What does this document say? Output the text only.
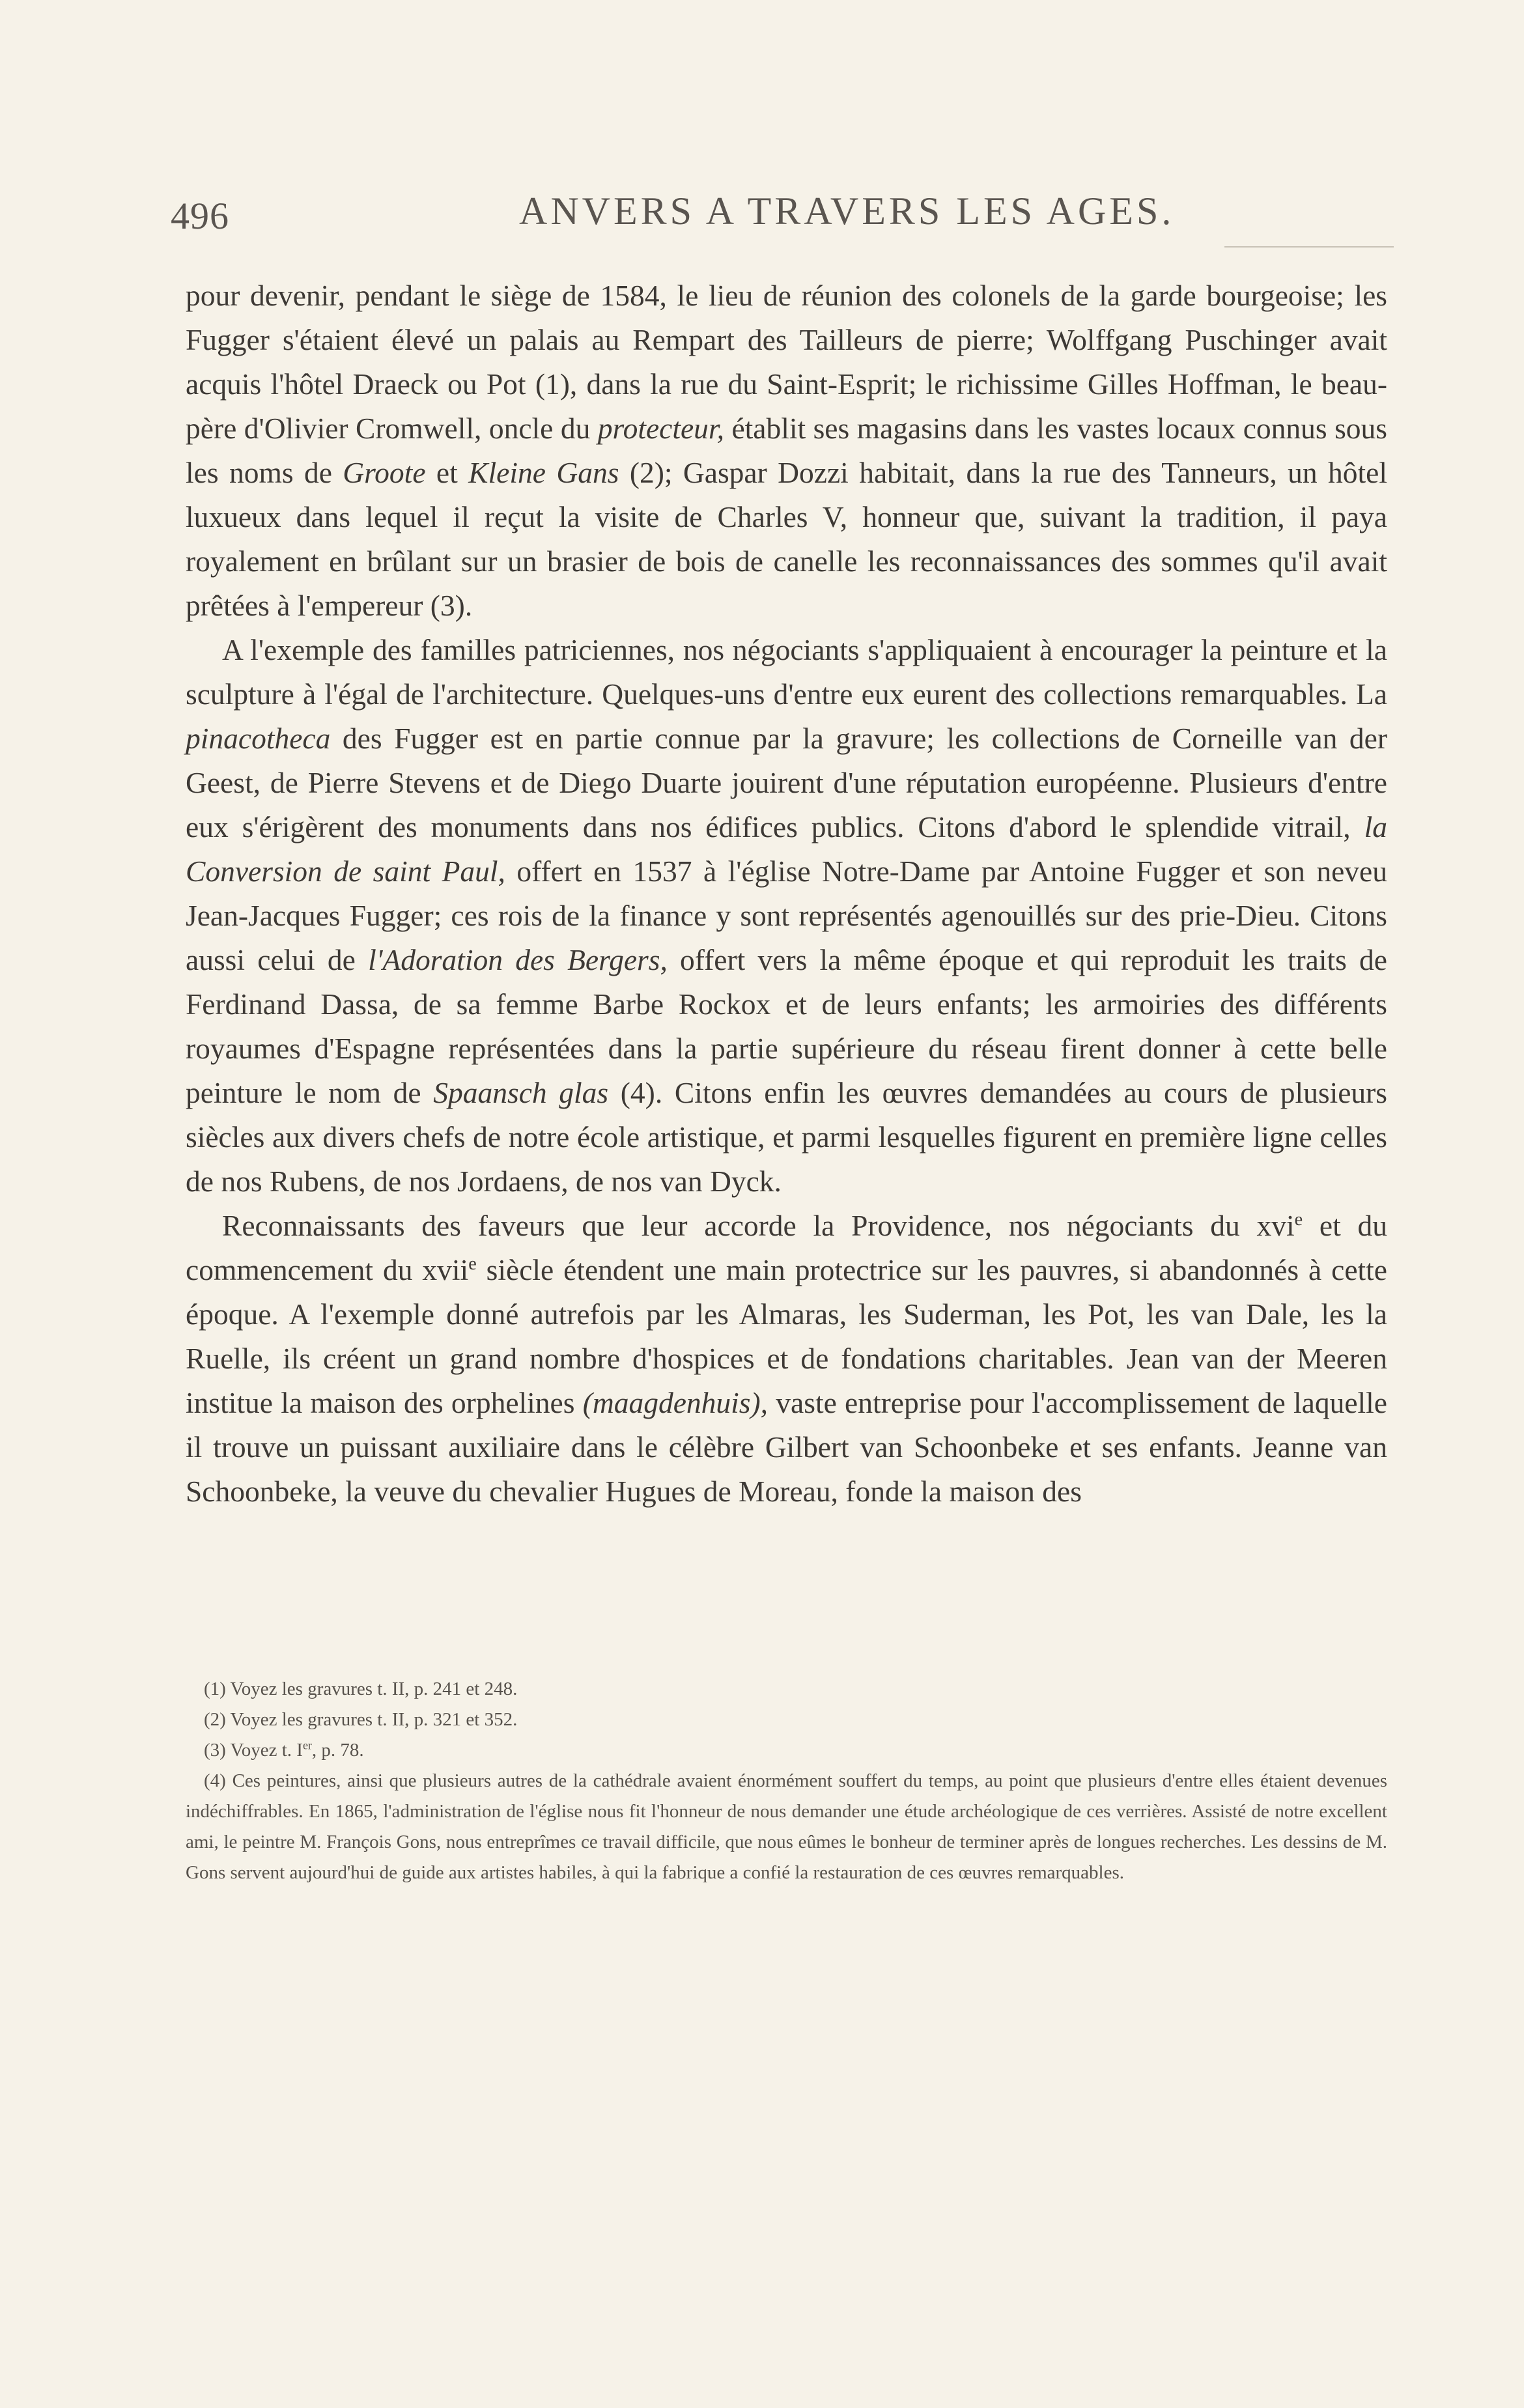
496	ANVERS A TRAVERS LES AGES.

pour devenir, pendant le siège de 1584, le lieu de réunion des colonels de la garde bourgeoise; les Fugger s'étaient élevé un palais au Rempart des Tailleurs de pierre; Wolffgang Puschinger avait acquis l'hôtel Draeck ou Pot (1), dans la rue du Saint-Esprit; le richissime Gilles Hoffman, le beau-père d'Olivier Cromwell, oncle du protecteur, établit ses magasins dans les vastes locaux connus sous les noms de Groote et Kleine Gans (2); Gaspar Dozzi habitait, dans la rue des Tanneurs, un hôtel luxueux dans lequel il reçut la visite de Charles V, honneur que, suivant la tradition, il paya royalement en brûlant sur un brasier de bois de canelle les reconnaissances des sommes qu'il avait prêtées à l'empereur (3).

A l'exemple des familles patriciennes, nos négociants s'appliquaient à encourager la peinture et la sculpture à l'égal de l'architecture. Quelques-uns d'entre eux eurent des collections remarquables. La pinacotheca des Fugger est en partie connue par la gravure; les collections de Corneille van der Geest, de Pierre Stevens et de Diego Duarte jouirent d'une réputation européenne. Plusieurs d'entre eux s'érigèrent des monuments dans nos édifices publics. Citons d'abord le splendide vitrail, la Conversion de saint Paul, offert en 1537 à l'église Notre-Dame par Antoine Fugger et son neveu Jean-Jacques Fugger; ces rois de la finance y sont représentés agenouillés sur des prie-Dieu. Citons aussi celui de l'Adoration des Bergers, offert vers la même époque et qui reproduit les traits de Ferdinand Dassa, de sa femme Barbe Rockox et de leurs enfants; les armoiries des différents royaumes d'Espagne représentées dans la partie supérieure du réseau firent donner à cette belle peinture le nom de Spaansch glas (4). Citons enfin les œuvres demandées au cours de plusieurs siècles aux divers chefs de notre école artistique, et parmi lesquelles figurent en première ligne celles de nos Rubens, de nos Jordaens, de nos van Dyck.

Reconnaissants des faveurs que leur accorde la Providence, nos négociants du xvi$^e$ et du commencement du xvii$^e$ siècle étendent une main protectrice sur les pauvres, si abandonnés à cette époque. A l'exemple donné autrefois par les Almaras, les Suderman, les Pot, les van Dale, les la Ruelle, ils créent un grand nombre d'hospices et de fondations charitables. Jean van der Meeren institue la maison des orphelines (maagdenhuis), vaste entreprise pour l'accomplissement de laquelle il trouve un puissant auxiliaire dans le célèbre Gilbert van Schoonbeke et ses enfants. Jeanne van Schoonbeke, la veuve du chevalier Hugues de Moreau, fonde la maison des

(1) Voyez les gravures t. II, p. 241 et 248.

(2) Voyez les gravures t. II, p. 321 et 352.

(3) Voyez t. Ier, p. 78.

(4) Ces peintures, ainsi que plusieurs autres de la cathédrale avaient énormément souffert du temps, au point que plusieurs d'entre elles étaient devenues indéchiffrables. En 1865, l'administration de l'église nous fit l'honneur de nous demander une étude archéologique de ces verrières. Assisté de notre excellent ami, le peintre M. François Gons, nous entreprîmes ce travail difficile, que nous eûmes le bonheur de terminer après de longues recherches. Les dessins de M. Gons servent aujourd'hui de guide aux artistes habiles, à qui la fabrique a confié la restauration de ces œuvres remarquables.
